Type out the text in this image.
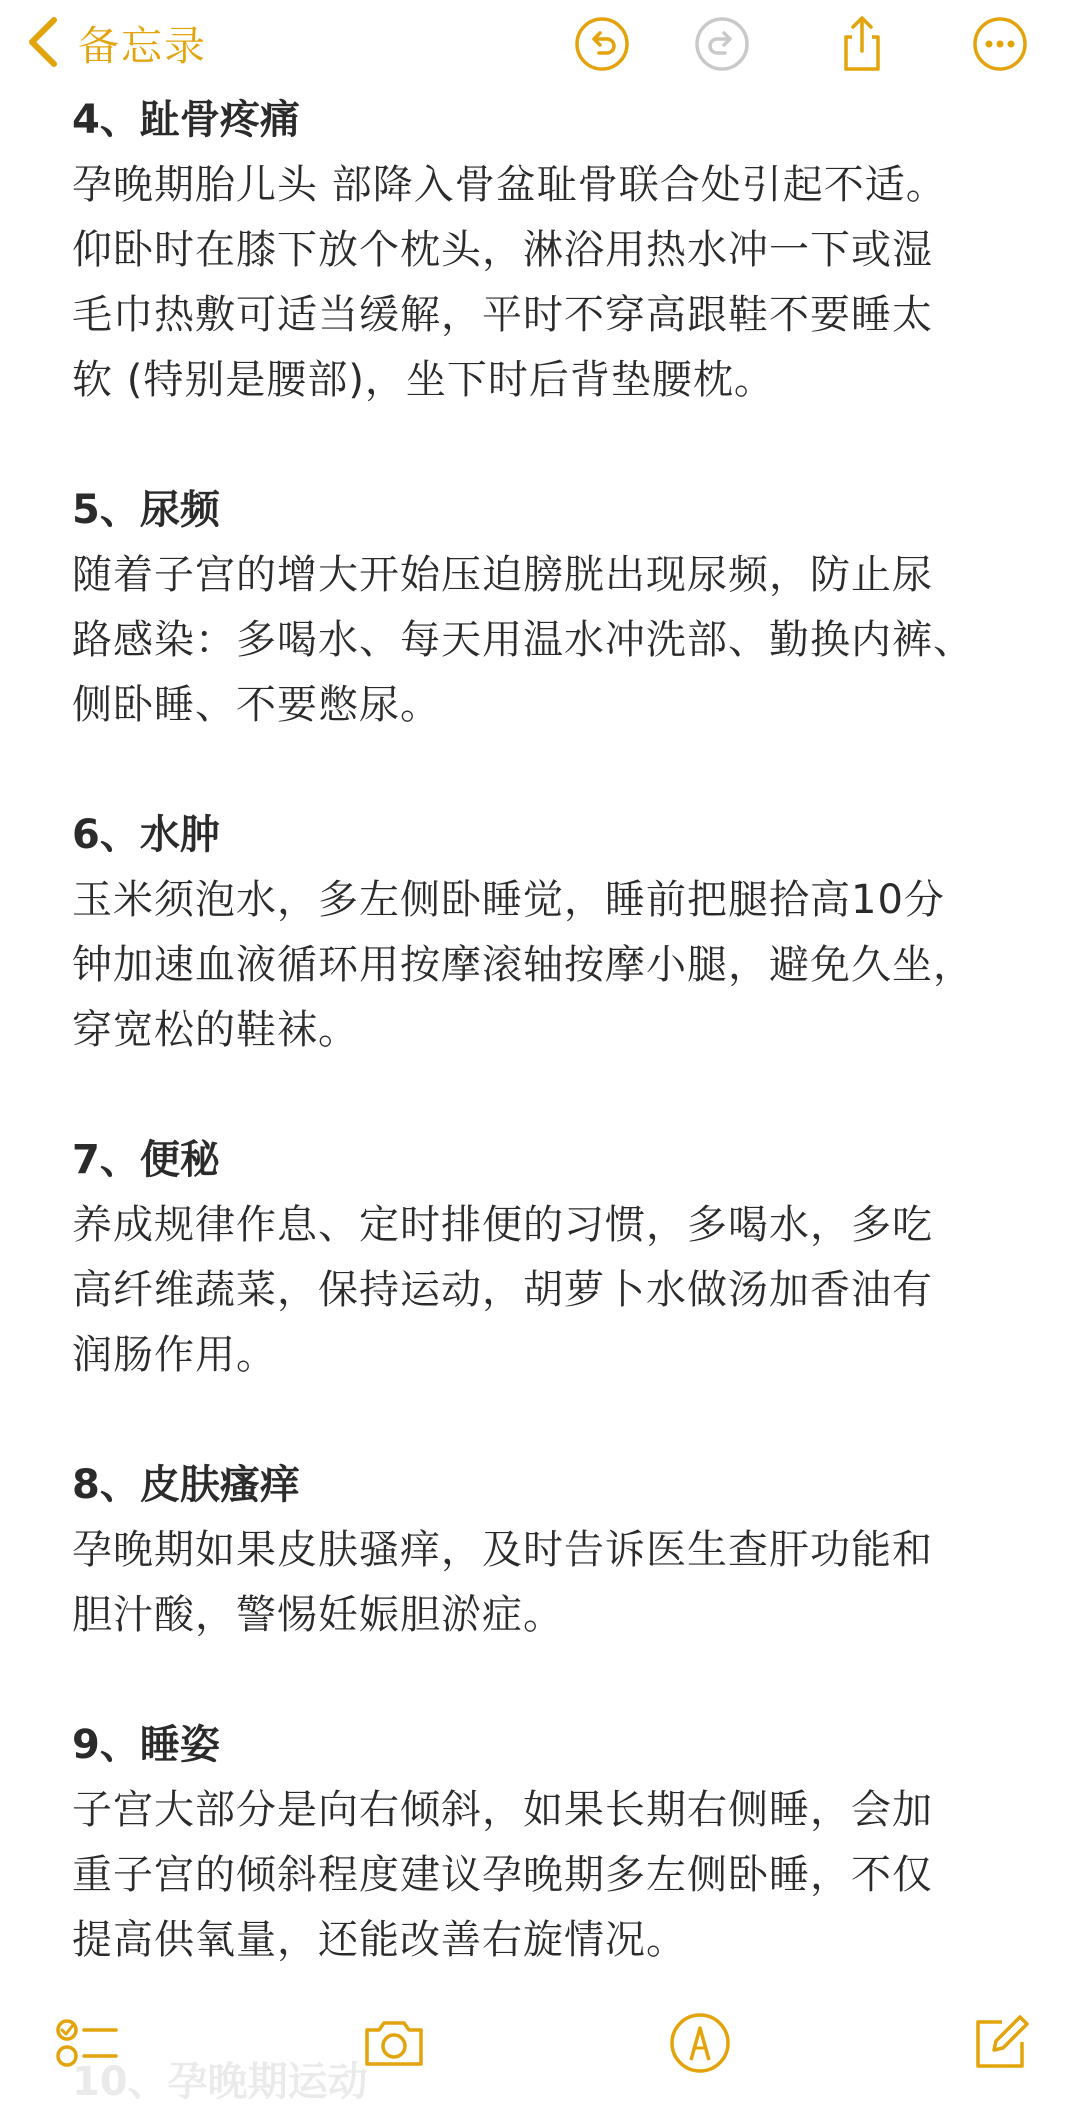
备忘录

4、趾骨疼痛

孕晚期胎儿头 部降入骨盆耻骨联合处引起不适。

仰卧时在膝下放个枕头，淋浴用热水冲一下或湿

毛巾热敷可适当缓解，平时不穿高跟鞋不要睡太

软 (特别是腰部)，坐下时后背垫腰枕。

5、尿频

随着子宫的增大开始压迫膀胱出现尿频，防止尿

路感染：多喝水、每天用温水冲洗部、勤换内裤、

侧卧睡、不要憋尿。

6、水肿

玉米须泡水，多左侧卧睡觉，睡前把腿拾高10分

钟加速血液循环用按摩滚轴按摩小腿，避免久坐，

穿宽松的鞋袜。

7、便秘

养成规律作息、定时排便的习惯，多喝水，多吃

高纤维蔬菜，保持运动，胡萝卜水做汤加香油有

润肠作用。

8、皮肤瘙痒

孕晚期如果皮肤骚痒，及时告诉医生查肝功能和

胆汁酸，警惕妊娠胆淤症。

9、睡姿

子宫大部分是向右倾斜，如果长期右侧睡，会加

重子宫的倾斜程度建议孕晚期多左侧卧睡，不仅

提高供氧量，还能改善右旋情况。
